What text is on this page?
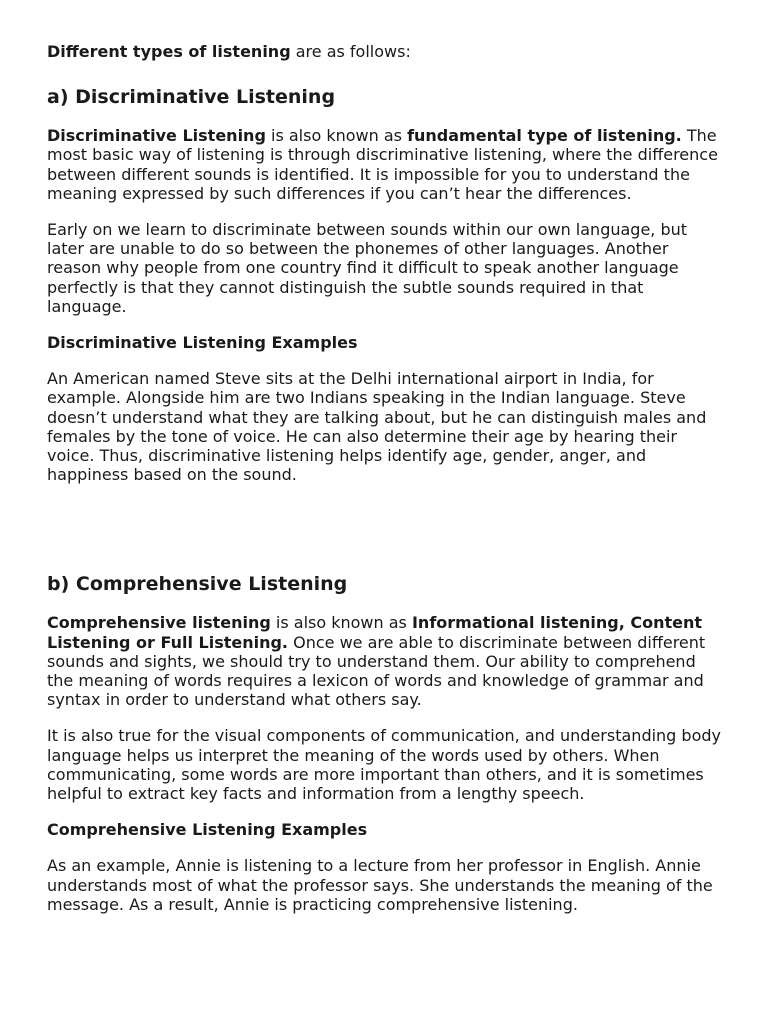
Different types of listening are as follows:

a) Discriminative Listening

Discriminative Listening is also known as fundamental type of listening. The most basic way of listening is through discriminative listening, where the difference between different sounds is identified. It is impossible for you to understand the meaning expressed by such differences if you can’t hear the differences.

Early on we learn to discriminate between sounds within our own language, but later are unable to do so between the phonemes of other languages. Another reason why people from one country find it difficult to speak another language perfectly is that they cannot distinguish the subtle sounds required in that language.

Discriminative Listening Examples

An American named Steve sits at the Delhi international airport in India, for example. Alongside him are two Indians speaking in the Indian language. Steve doesn’t understand what they are talking about, but he can distinguish males and females by the tone of voice. He can also determine their age by hearing their voice. Thus, discriminative listening helps identify age, gender, anger, and happiness based on the sound.

b) Comprehensive Listening

Comprehensive listening is also known as Informational listening, Content Listening or Full Listening. Once we are able to discriminate between different sounds and sights, we should try to understand them. Our ability to comprehend the meaning of words requires a lexicon of words and knowledge of grammar and syntax in order to understand what others say.

It is also true for the visual components of communication, and understanding body language helps us interpret the meaning of the words used by others. When communicating, some words are more important than others, and it is sometimes helpful to extract key facts and information from a lengthy speech.

Comprehensive Listening Examples

As an example, Annie is listening to a lecture from her professor in English. Annie understands most of what the professor says. She understands the meaning of the message. As a result, Annie is practicing comprehensive listening.
